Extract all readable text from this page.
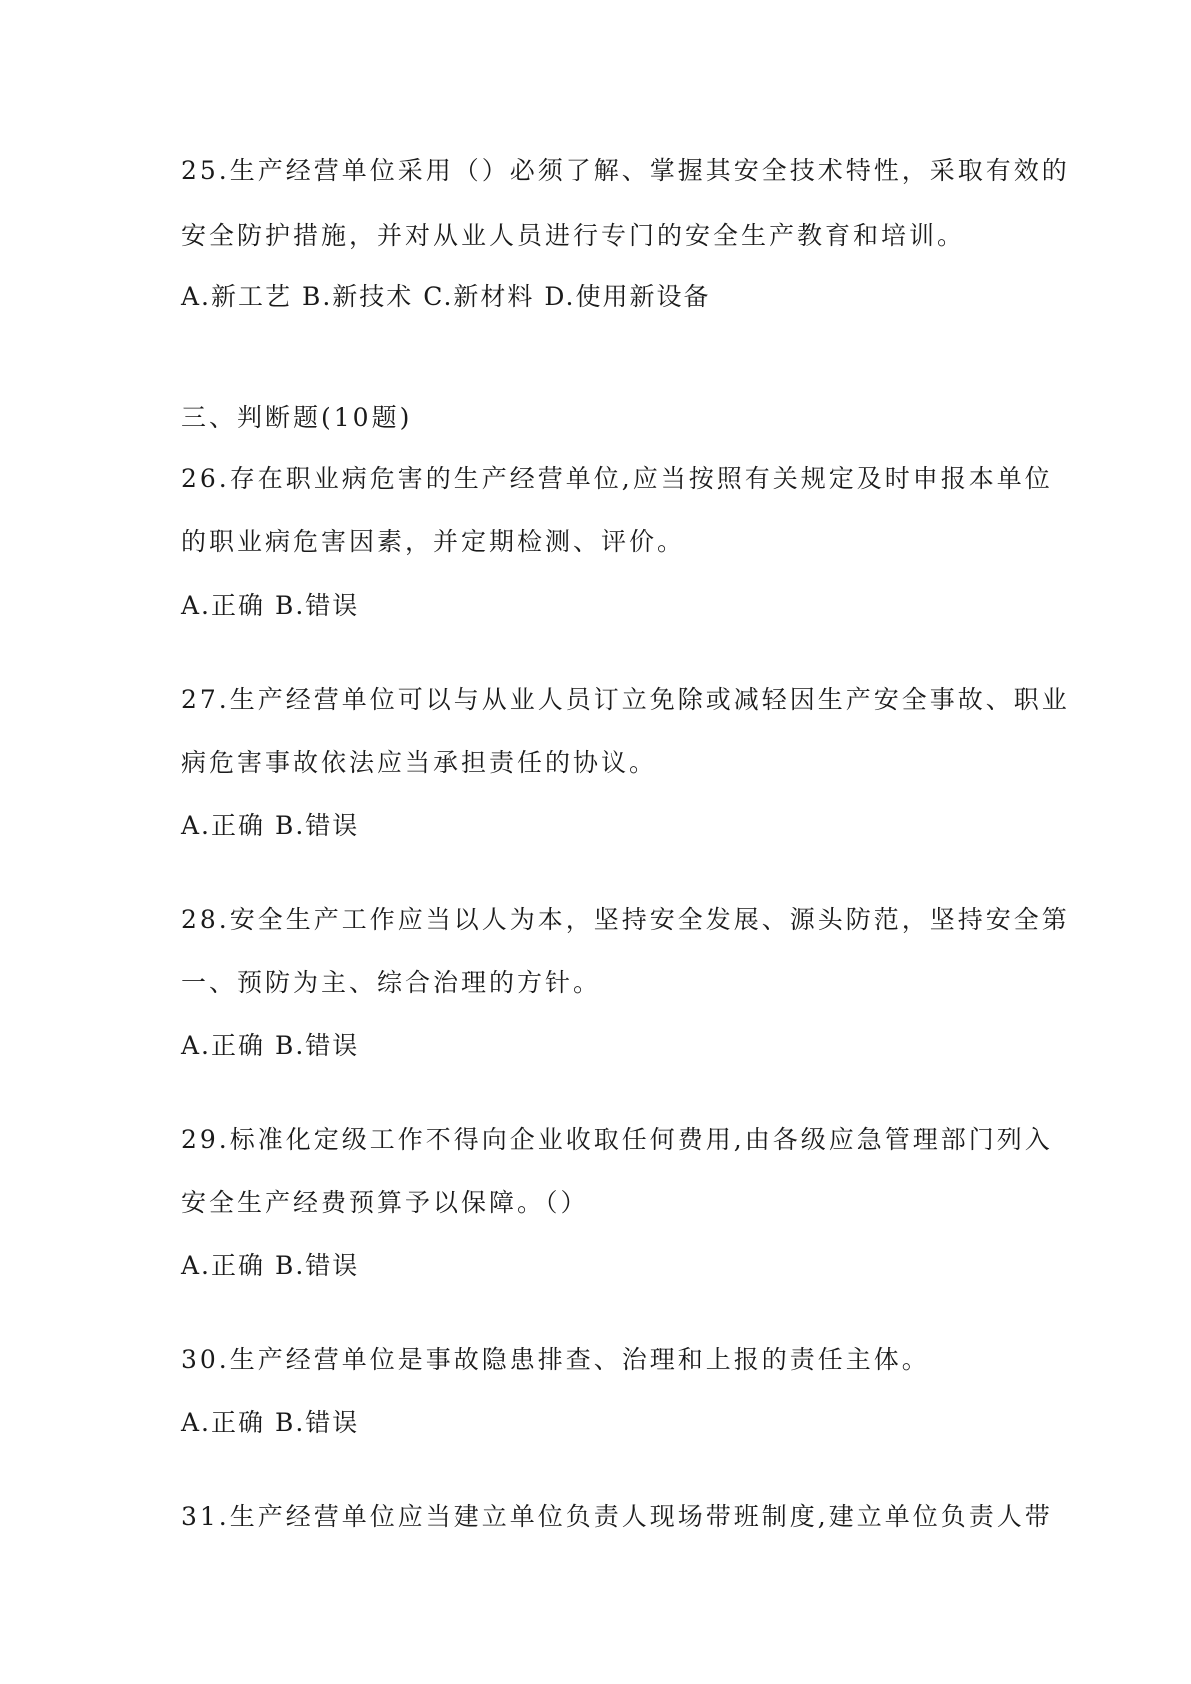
25.生产经营单位采用（）必须了解、掌握其安全技术特性，采取有效的
安全防护措施，并对从业人员进行专门的安全生产教育和培训。
A.新工艺 B.新技术 C.新材料 D.使用新设备
三、判断题(10题)
26.存在职业病危害的生产经营单位,应当按照有关规定及时申报本单位
的职业病危害因素，并定期检测、评价。
A.正确 B.错误
27.生产经营单位可以与从业人员订立免除或减轻因生产安全事故、职业
病危害事故依法应当承担责任的协议。
A.正确 B.错误
28.安全生产工作应当以人为本，坚持安全发展、源头防范，坚持安全第
一、预防为主、综合治理的方针。
A.正确 B.错误
29.标准化定级工作不得向企业收取任何费用,由各级应急管理部门列入
安全生产经费预算予以保障。（）
A.正确 B.错误
30.生产经营单位是事故隐患排查、治理和上报的责任主体。
A.正确 B.错误
31.生产经营单位应当建立单位负责人现场带班制度,建立单位负责人带
